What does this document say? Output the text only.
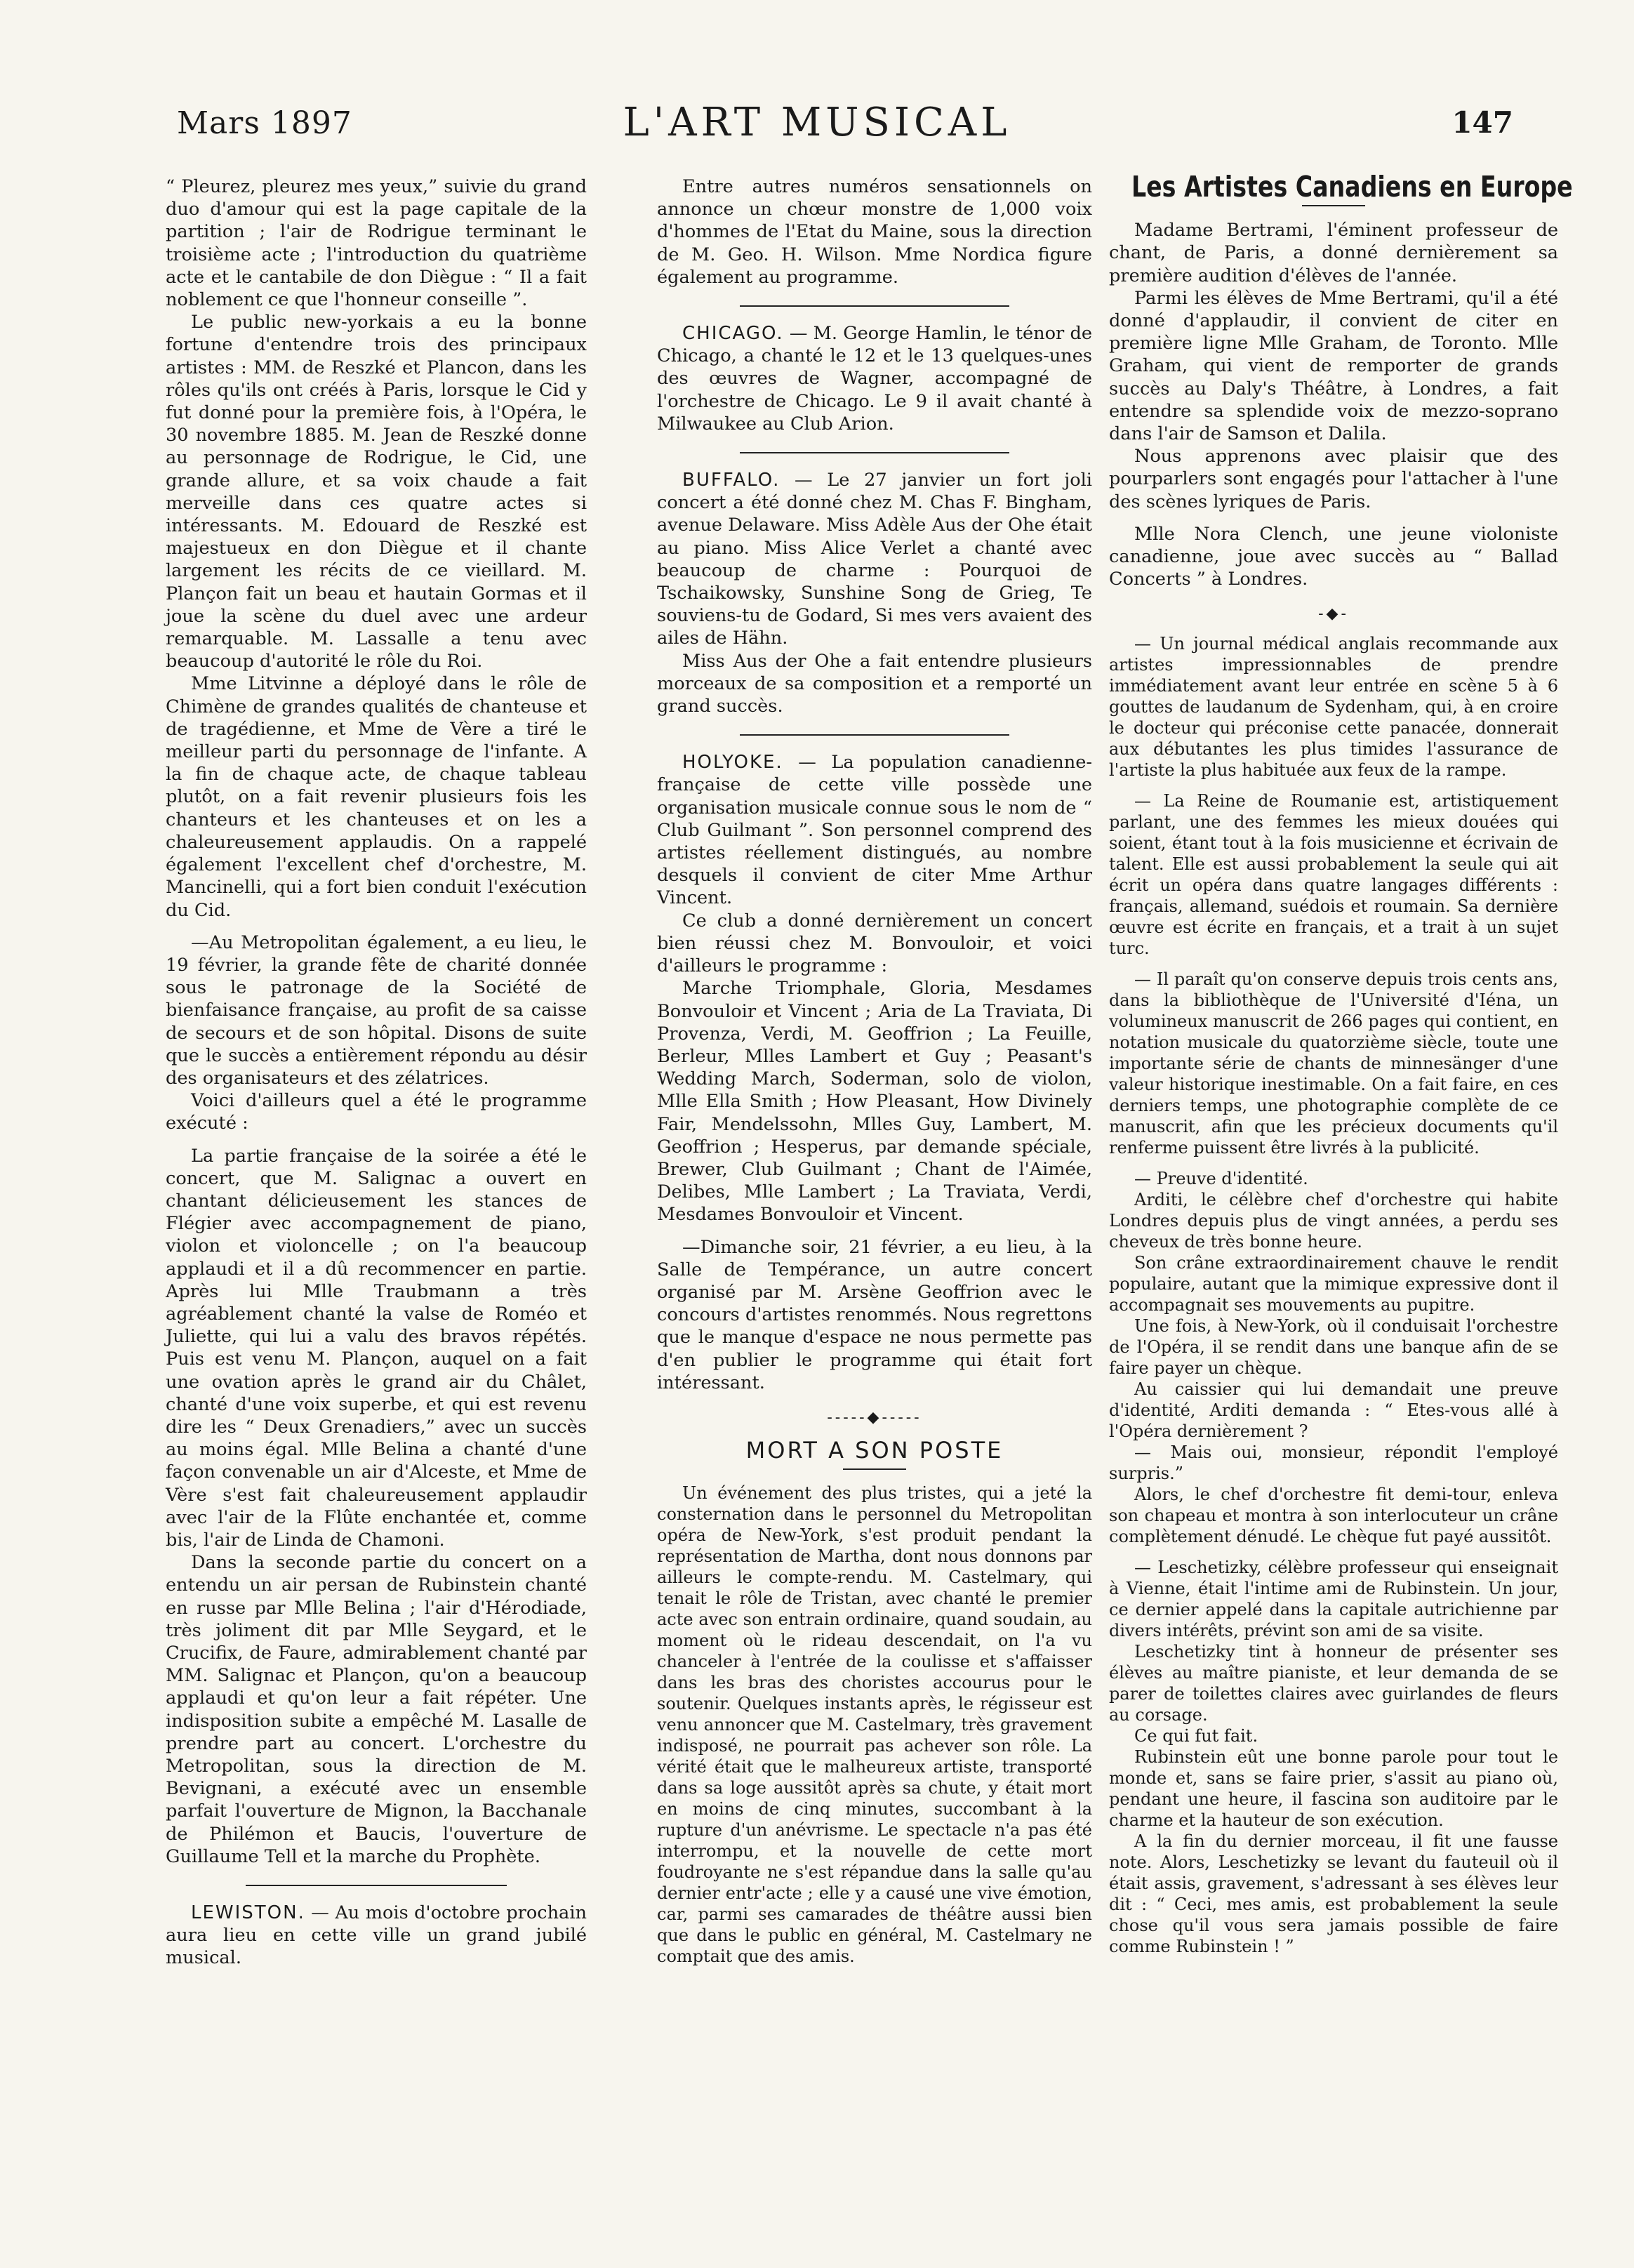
Mars 1897	L'ART MUSICAL	147

“ Pleurez, pleurez mes yeux,” suivie du grand duo d'amour qui est la page capitale de la partition ; l'air de Rodrigue terminant le troisième acte ; l'introduction du quatrième acte et le cantabile de don Diègue : “ Il a fait noblement ce que l'honneur conseille ”.

Le public new-yorkais a eu la bonne fortune d'entendre trois des principaux artistes : MM. de Reszké et Plancon, dans les rôles qu'ils ont créés à Paris, lorsque le Cid y fut donné pour la première fois, à l'Opéra, le 30 novembre 1885. M. Jean de Reszké donne au personnage de Rodrigue, le Cid, une grande allure, et sa voix chaude a fait merveille dans ces quatre actes si intéressants. M. Edouard de Reszké est majestueux en don Diègue et il chante largement les récits de ce vieillard. M. Plançon fait un beau et hautain Gormas et il joue la scène du duel avec une ardeur remarquable. M. Lassalle a tenu avec beaucoup d'autorité le rôle du Roi.

Mme Litvinne a déployé dans le rôle de Chimène de grandes qualités de chanteuse et de tragédienne, et Mme de Vère a tiré le meilleur parti du personnage de l'infante. A la fin de chaque acte, de chaque tableau plutôt, on a fait revenir plusieurs fois les chanteurs et les chanteuses et on les a chaleureusement applaudis. On a rappelé également l'excellent chef d'orchestre, M. Mancinelli, qui a fort bien conduit l'exécution du Cid.

—Au Metropolitan également, a eu lieu, le 19 février, la grande fête de charité donnée sous le patronage de la Société de bienfaisance française, au profit de sa caisse de secours et de son hôpital. Disons de suite que le succès a entièrement répondu au désir des organisateurs et des zélatrices.

Voici d'ailleurs quel a été le programme exécuté :

La partie française de la soirée a été le concert, que M. Salignac a ouvert en chantant délicieusement les stances de Flégier avec accompagnement de piano, violon et violoncelle ; on l'a beaucoup applaudi et il a dû recommencer en partie. Après lui Mlle Traubmann a très agréablement chanté la valse de Roméo et Juliette, qui lui a valu des bravos répétés. Puis est venu M. Plançon, auquel on a fait une ovation après le grand air du Châlet, chanté d'une voix superbe, et qui est revenu dire les “ Deux Grenadiers,” avec un succès au moins égal. Mlle Belina a chanté d'une façon convenable un air d'Alceste, et Mme de Vère s'est fait chaleureusement applaudir avec l'air de la Flûte enchantée et, comme bis, l'air de Linda de Chamoni.

Dans la seconde partie du concert on a entendu un air persan de Rubinstein chanté en russe par Mlle Belina ; l'air d'Hérodiade, très joliment dit par Mlle Seygard, et le Crucifix, de Faure, admirablement chanté par MM. Salignac et Plançon, qu'on a beaucoup applaudi et qu'on leur a fait répéter. Une indisposition subite a empêché M. Lasalle de prendre part au concert. L'orchestre du Metropolitan, sous la direction de M. Bevignani, a exécuté avec un ensemble parfait l'ouverture de Mignon, la Bacchanale de Philémon et Baucis, l'ouverture de Guillaume Tell et la marche du Prophète.

LEWISTON. — Au mois d'octobre prochain aura lieu en cette ville un grand jubilé musical.

Entre autres numéros sensationnels on annonce un chœur monstre de 1,000 voix d'hommes de l'Etat du Maine, sous la direction de M. Geo. H. Wilson. Mme Nordica figure également au programme.

CHICAGO. — M. George Hamlin, le ténor de Chicago, a chanté le 12 et le 13 quelques-unes des œuvres de Wagner, accompagné de l'orchestre de Chicago. Le 9 il avait chanté à Milwaukee au Club Arion.

BUFFALO. — Le 27 janvier un fort joli concert a été donné chez M. Chas F. Bingham, avenue Delaware. Miss Adèle Aus der Ohe était au piano. Miss Alice Verlet a chanté avec beaucoup de charme : Pourquoi de Tschaikowsky, Sunshine Song de Grieg, Te souviens-tu de Godard, Si mes vers avaient des ailes de Hähn.

Miss Aus der Ohe a fait entendre plusieurs morceaux de sa composition et a remporté un grand succès.

HOLYOKE. — La population canadienne-française de cette ville possède une organisation musicale connue sous le nom de “ Club Guilmant ”. Son personnel comprend des artistes réellement distingués, au nombre desquels il convient de citer Mme Arthur Vincent.

Ce club a donné dernièrement un concert bien réussi chez M. Bonvouloir, et voici d'ailleurs le programme :

Marche Triomphale, Gloria, Mesdames Bonvouloir et Vincent ; Aria de La Traviata, Di Provenza, Verdi, M. Geoffrion ; La Feuille, Berleur, Mlles Lambert et Guy ; Peasant's Wedding March, Soderman, solo de violon, Mlle Ella Smith ; How Pleasant, How Divinely Fair, Mendelssohn, Mlles Guy, Lambert, M. Geoffrion ; Hesperus, par demande spéciale, Brewer, Club Guilmant ; Chant de l'Aimée, Delibes, Mlle Lambert ; La Traviata, Verdi, Mesdames Bonvouloir et Vincent.

—Dimanche soir, 21 février, a eu lieu, à la Salle de Tempérance, un autre concert organisé par M. Arsène Geoffrion avec le concours d'artistes renommés. Nous regrettons que le manque d'espace ne nous permette pas d'en publier le programme qui était fort intéressant.

-----◆-----
MORT A SON POSTE

Un événement des plus tristes, qui a jeté la consternation dans le personnel du Metropolitan opéra de New-York, s'est produit pendant la représentation de Martha, dont nous donnons par ailleurs le compte-rendu. M. Castelmary, qui tenait le rôle de Tristan, avec chanté le premier acte avec son entrain ordinaire, quand soudain, au moment où le rideau descendait, on l'a vu chanceler à l'entrée de la coulisse et s'affaisser dans les bras des choristes accourus pour le soutenir. Quelques instants après, le régisseur est venu annoncer que M. Castelmary, très gravement indisposé, ne pourrait pas achever son rôle. La vérité était que le malheureux artiste, transporté dans sa loge aussitôt après sa chute, y était mort en moins de cinq minutes, succombant à la rupture d'un anévrisme. Le spectacle n'a pas été interrompu, et la nouvelle de cette mort foudroyante ne s'est répandue dans la salle qu'au dernier entr'acte ; elle y a causé une vive émotion, car, parmi ses camarades de théâtre aussi bien que dans le public en général, M. Castelmary ne comptait que des amis.

Les Artistes Canadiens en Europe

Madame Bertrami, l'éminent professeur de chant, de Paris, a donné dernièrement sa première audition d'élèves de l'année.

Parmi les élèves de Mme Bertrami, qu'il a été donné d'applaudir, il convient de citer en première ligne Mlle Graham, de Toronto. Mlle Graham, qui vient de remporter de grands succès au Daly's Théâtre, à Londres, a fait entendre sa splendide voix de mezzo-soprano dans l'air de Samson et Dalila.

Nous apprenons avec plaisir que des pourparlers sont engagés pour l'attacher à l'une des scènes lyriques de Paris.

Mlle Nora Clench, une jeune violoniste canadienne, joue avec succès au “ Ballad Concerts ” à Londres.

-◆-

— Un journal médical anglais recommande aux artistes impressionnables de prendre immédiatement avant leur entrée en scène 5 à 6 gouttes de laudanum de Sydenham, qui, à en croire le docteur qui préconise cette panacée, donnerait aux débutantes les plus timides l'assurance de l'artiste la plus habituée aux feux de la rampe.

— La Reine de Roumanie est, artistiquement parlant, une des femmes les mieux douées qui soient, étant tout à la fois musicienne et écrivain de talent. Elle est aussi probablement la seule qui ait écrit un opéra dans quatre langages différents : français, allemand, suédois et roumain. Sa dernière œuvre est écrite en français, et a trait à un sujet turc.

— Il paraît qu'on conserve depuis trois cents ans, dans la bibliothèque de l'Université d'Iéna, un volumineux manuscrit de 266 pages qui contient, en notation musicale du quatorzième siècle, toute une importante série de chants de minnesänger d'une valeur historique inestimable. On a fait faire, en ces derniers temps, une photographie complète de ce manuscrit, afin que les précieux documents qu'il renferme puissent être livrés à la publicité.

— Preuve d'identité.

Arditi, le célèbre chef d'orchestre qui habite Londres depuis plus de vingt années, a perdu ses cheveux de très bonne heure.

Son crâne extraordinairement chauve le rendit populaire, autant que la mimique expressive dont il accompagnait ses mouvements au pupitre.

Une fois, à New-York, où il conduisait l'orchestre de l'Opéra, il se rendit dans une banque afin de se faire payer un chèque.

Au caissier qui lui demandait une preuve d'identité, Arditi demanda : “ Etes-vous allé à l'Opéra dernièrement ?

— Mais oui, monsieur, répondit l'employé surpris.”

Alors, le chef d'orchestre fit demi-tour, enleva son chapeau et montra à son interlocuteur un crâne complètement dénudé. Le chèque fut payé aussitôt.

— Leschetizky, célèbre professeur qui enseignait à Vienne, était l'intime ami de Rubinstein. Un jour, ce dernier appelé dans la capitale autrichienne par divers intérêts, prévint son ami de sa visite.

Leschetizky tint à honneur de présenter ses élèves au maître pianiste, et leur demanda de se parer de toilettes claires avec guirlandes de fleurs au corsage.

Ce qui fut fait.

Rubinstein eût une bonne parole pour tout le monde et, sans se faire prier, s'assit au piano où, pendant une heure, il fascina son auditoire par le charme et la hauteur de son exécution.

A la fin du dernier morceau, il fit une fausse note. Alors, Leschetizky se levant du fauteuil où il était assis, gravement, s'adressant à ses élèves leur dit : “ Ceci, mes amis, est probablement la seule chose qu'il vous sera jamais possible de faire comme Rubinstein ! ”
